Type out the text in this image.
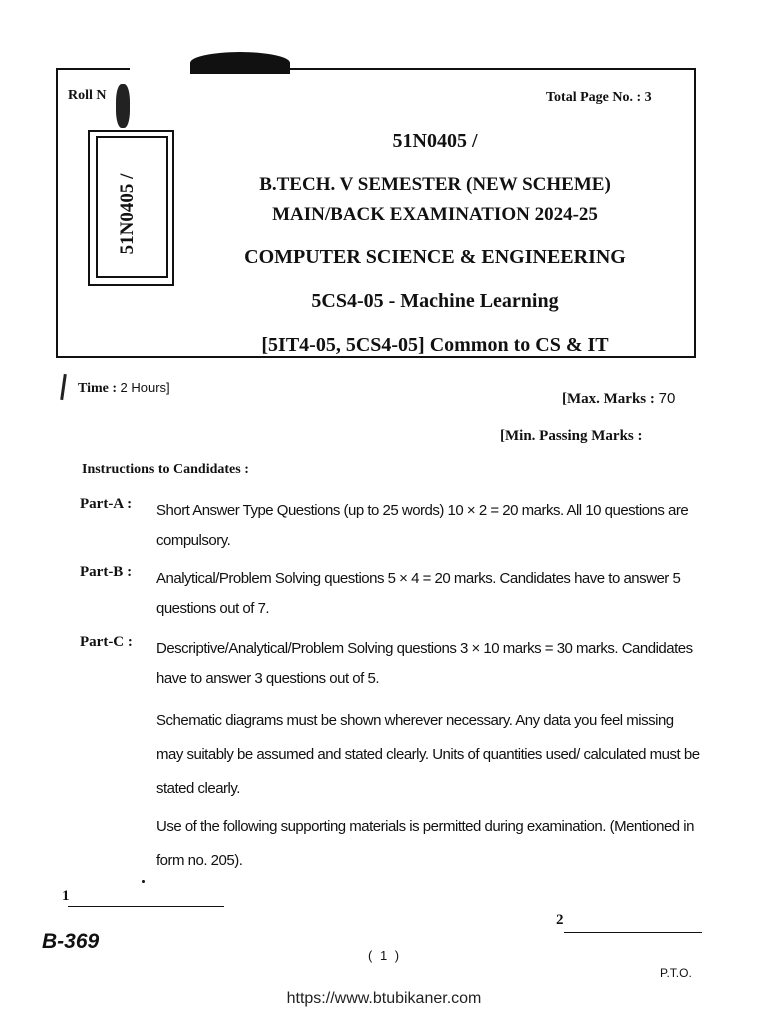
Roll N	Total Page No. : 3
51N0405 /
51N0405 /
B.TECH. V SEMESTER (NEW SCHEME)
MAIN/BACK EXAMINATION 2024-25
COMPUTER SCIENCE & ENGINEERING
5CS4-05 - Machine Learning
[5IT4-05, 5CS4-05] Common to CS & IT
Time : 2 Hours]
[Max. Marks : 70
[Min. Passing Marks :
Instructions to Candidates :
Part-A : Short Answer Type Questions (up to 25 words) 10 × 2 = 20 marks. All 10 questions are compulsory.
Part-B : Analytical/Problem Solving questions 5 × 4 = 20 marks. Candidates have to answer 5 questions out of 7.
Part-C : Descriptive/Analytical/Problem Solving questions 3 × 10 marks = 30 marks. Candidates have to answer 3 questions out of 5.
Schematic diagrams must be shown wherever necessary. Any data you feel missing may suitably be assumed and stated clearly. Units of quantities used/ calculated must be stated clearly.
Use of the following supporting materials is permitted during examination. (Mentioned in form no. 205).
1
2
B-369
( 1 )
P.T.O.
https://www.btubikaner.com
